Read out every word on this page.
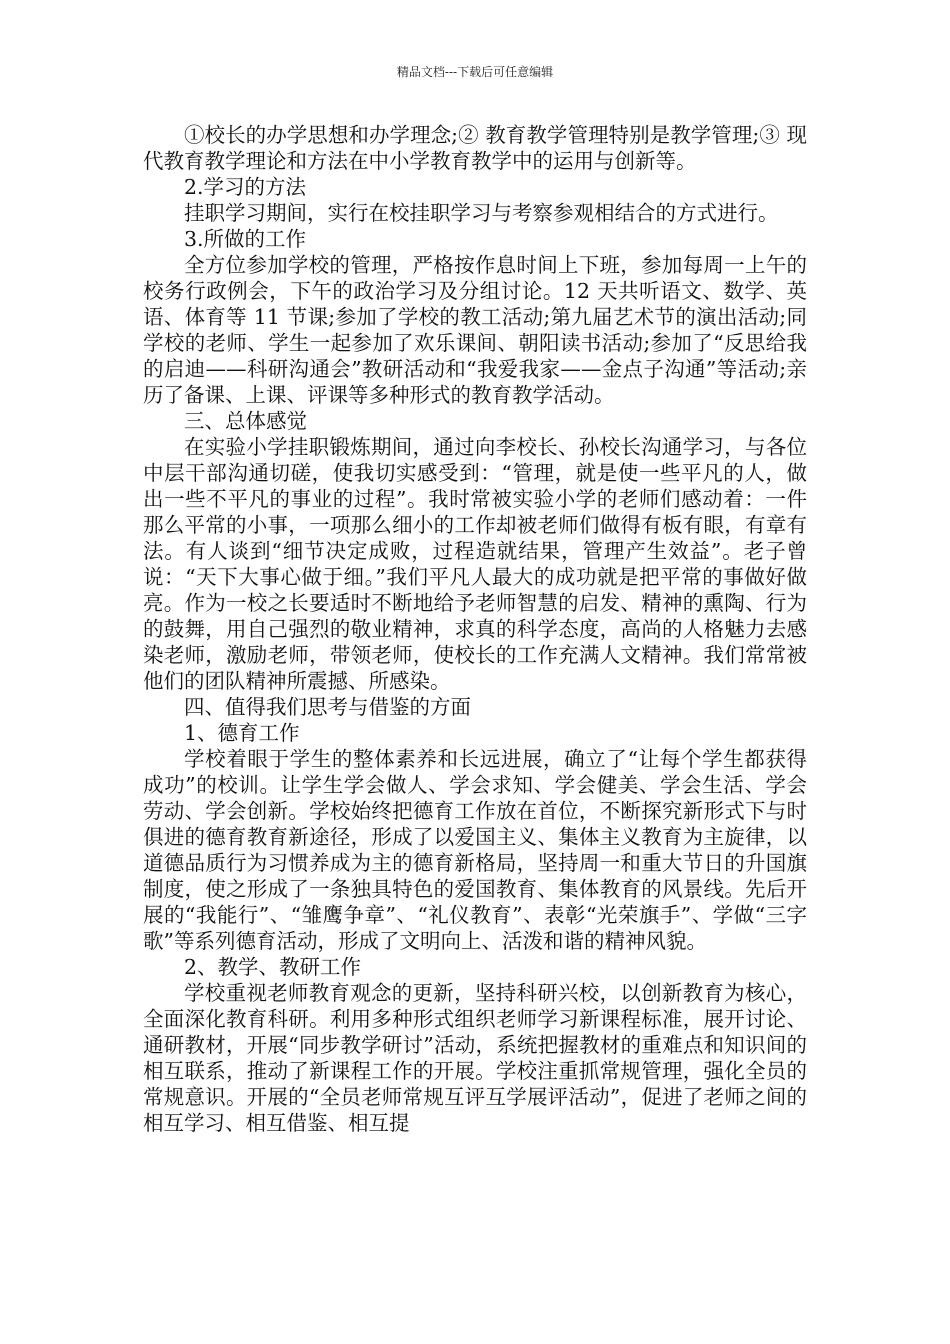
精品文档---下载后可任意编辑

①校长的办学思想和办学理念;② 教育教学管理特别是教学管理;③ 现代教育教学理论和方法在中小学教育教学中的运用与创新等。

2.学习的方法

挂职学习期间，实行在校挂职学习与考察参观相结合的方式进行。

3.所做的工作

全方位参加学校的管理，严格按作息时间上下班，参加每周一上午的校务行政例会，下午的政治学习及分组讨论。12 天共听语文、数学、英语、体育等 11 节课;参加了学校的教工活动;第九届艺术节的演出活动;同学校的老师、学生一起参加了欢乐课间、朝阳读书活动;参加了“反思给我的启迪——科研沟通会”教研活动和“我爱我家——金点子沟通”等活动;亲历了备课、上课、评课等多种形式的教育教学活动。

三、总体感觉

在实验小学挂职锻炼期间，通过向李校长、孙校长沟通学习，与各位中层干部沟通切磋，使我切实感受到：“管理，就是使一些平凡的人，做出一些不平凡的事业的过程”。我时常被实验小学的老师们感动着：一件那么平常的小事，一项那么细小的工作却被老师们做得有板有眼，有章有法。有人谈到“细节决定成败，过程造就结果，管理产生效益”。老子曾说：“天下大事心做于细。”我们平凡人最大的成功就是把平常的事做好做亮。作为一校之长要适时不断地给予老师智慧的启发、精神的熏陶、行为的鼓舞，用自己强烈的敬业精神，求真的科学态度，高尚的人格魅力去感染老师，激励老师，带领老师，使校长的工作充满人文精神。我们常常被他们的团队精神所震撼、所感染。

四、值得我们思考与借鉴的方面

1、德育工作

学校着眼于学生的整体素养和长远进展，确立了“让每个学生都获得成功”的校训。让学生学会做人、学会求知、学会健美、学会生活、学会劳动、学会创新。学校始终把德育工作放在首位，不断探究新形式下与时俱进的德育教育新途径，形成了以爱国主义、集体主义教育为主旋律，以道德品质行为习惯养成为主的德育新格局，坚持周一和重大节日的升国旗制度，使之形成了一条独具特色的爱国教育、集体教育的风景线。先后开展的“我能行”、“雏鹰争章”、“礼仪教育”、表彰“光荣旗手”、学做“三字歌”等系列德育活动，形成了文明向上、活泼和谐的精神风貌。

2、教学、教研工作

学校重视老师教育观念的更新，坚持科研兴校，以创新教育为核心，全面深化教育科研。利用多种形式组织老师学习新课程标准，展开讨论、通研教材，开展“同步教学研讨”活动，系统把握教材的重难点和知识间的相互联系，推动了新课程工作的开展。学校注重抓常规管理，强化全员的常规意识。开展的“全员老师常规互评互学展评活动”，促进了老师之间的相互学习、相互借鉴、相互提
